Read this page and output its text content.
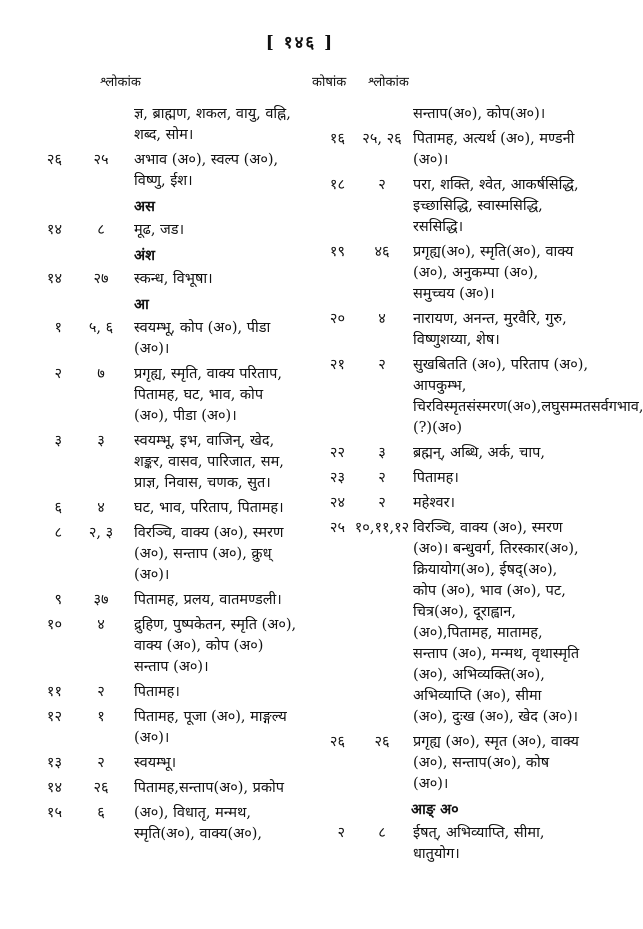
[ १४६ ]
श्लोकांक	कोषांक श्लोकांक
ज्ञ, ब्राह्मण, शकल, वायु, वह्नि, शब्द, सोम।
२६	२५	अभाव (अ०), स्वल्प (अ०), विष्णु, ईश।
अस
१४	८	मूढ, जड।
अंश
१४	२७	स्कन्ध, विभूषा।
आ
१	५, ६	स्वयम्भू, कोप (अ०), पीडा (अ०)।
२	७	प्रगृह्य, स्मृति, वाक्य परिताप, पितामह, घट, भाव, कोप (अ०), पीडा (अ०)।
३	३	स्वयम्भू, इभ, वाजिन्, खेद, शङ्कर, वासव, पारिजात, सम, प्राज्ञ, निवास, चणक, सुत।
६	४	घट, भाव, परिताप, पितामह।
८	२, ३	विरञ्चि, वाक्य (अ०), स्मरण (अ०), सन्ताप (अ०), क्रुध् (अ०)।
९	३७	पितामह, प्रलय, वातमण्डली।
१०	४	द्रुहिण, पुष्पकेतन, स्मृति (अ०), वाक्य (अ०), कोप (अ०) सन्ताप (अ०)।
११	२	पितामह।
१२	१	पितामह, पूजा (अ०), माङ्गल्य (अ०)।
१३	२	स्वयम्भू।
१४	२६	पितामह,सन्ताप(अ०), प्रकोप
१५	६	(अ०), विधातृ, मन्मथ, स्मृति(अ०), वाक्य(अ०),
सन्ताप(अ०), कोप(अ०)।
१६	२५, २६ पितामह, अत्यर्थ (अ०), मण्डनी (अ०)।
१८	२	परा, शक्ति, श्वेत, आकर्षसिद्धि, इच्छासिद्धि, स्वास्मसिद्धि, रससिद्धि।
१९	४६	प्रगृह्य(अ०), स्मृति(अ०), वाक्य (अ०), अनुकम्पा (अ०), समुच्चय (अ०)।
२०	४	नारायण, अनन्त, मुरवैरि, गुरु, विष्णुशय्या, शेष।
२१	२	सुखबितति (अ०), परिताप (अ०), आपकुम्भ, चिरविस्मृतसंस्मरण(अ०),लघुसम्मतसर्वगभाव,(?)(अ०)
२२	३	ब्रह्मन्, अब्धि, अर्क, चाप,
२३	२	पितामह।
२४	२	महेश्वर।
२५ १०,११,१२ विरञ्चि, वाक्य (अ०), स्मरण (अ०)। बन्धुवर्ग, तिरस्कार(अ०), क्रियायोग(अ०), ईषद्(अ०), कोप (अ०), भाव (अ०), पट, चित्र(अ०), दूराह्वान, (अ०),पितामह, मातामह, सन्ताप (अ०), मन्मथ, वृथास्मृति (अ०), अभिव्यक्ति(अ०), अभिव्याप्ति (अ०), सीमा (अ०), दुःख (अ०), खेद (अ०)।
२६	२६	प्रगृह्य (अ०), स्मृत (अ०), वाक्य (अ०), सन्ताप(अ०), कोष (अ०)।
आङ् अ०
२	८	ईषत्, अभिव्याप्ति, सीमा, धातुयोग।
